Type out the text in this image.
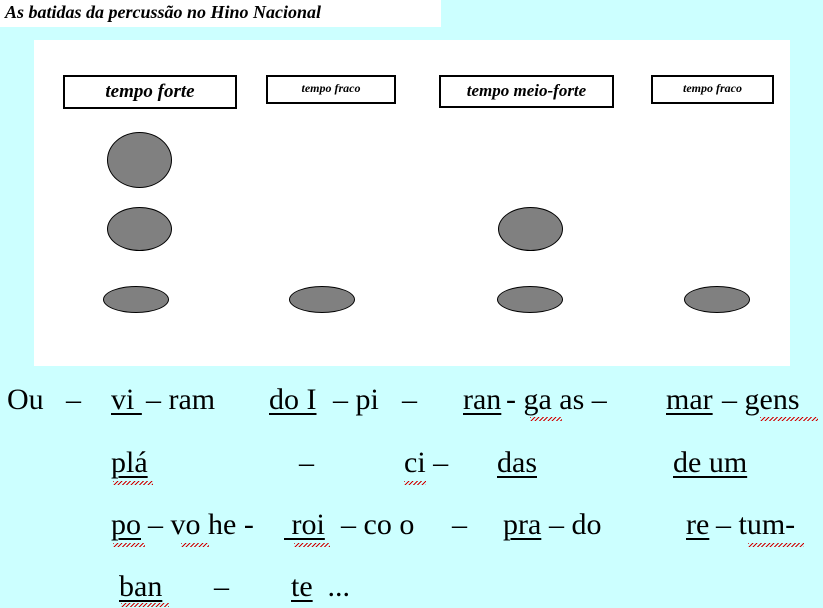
As batidas da percussão no Hino Nacional
tempo forte	tempo fraco	tempo meio-forte	tempo fraco
Ou – vi – ram do I – pi – ran - ga as – mar – gens
plá	–	ci – das	de um
po – vo he - roi – co o – pra – do	re – tum-
ban – te ...
